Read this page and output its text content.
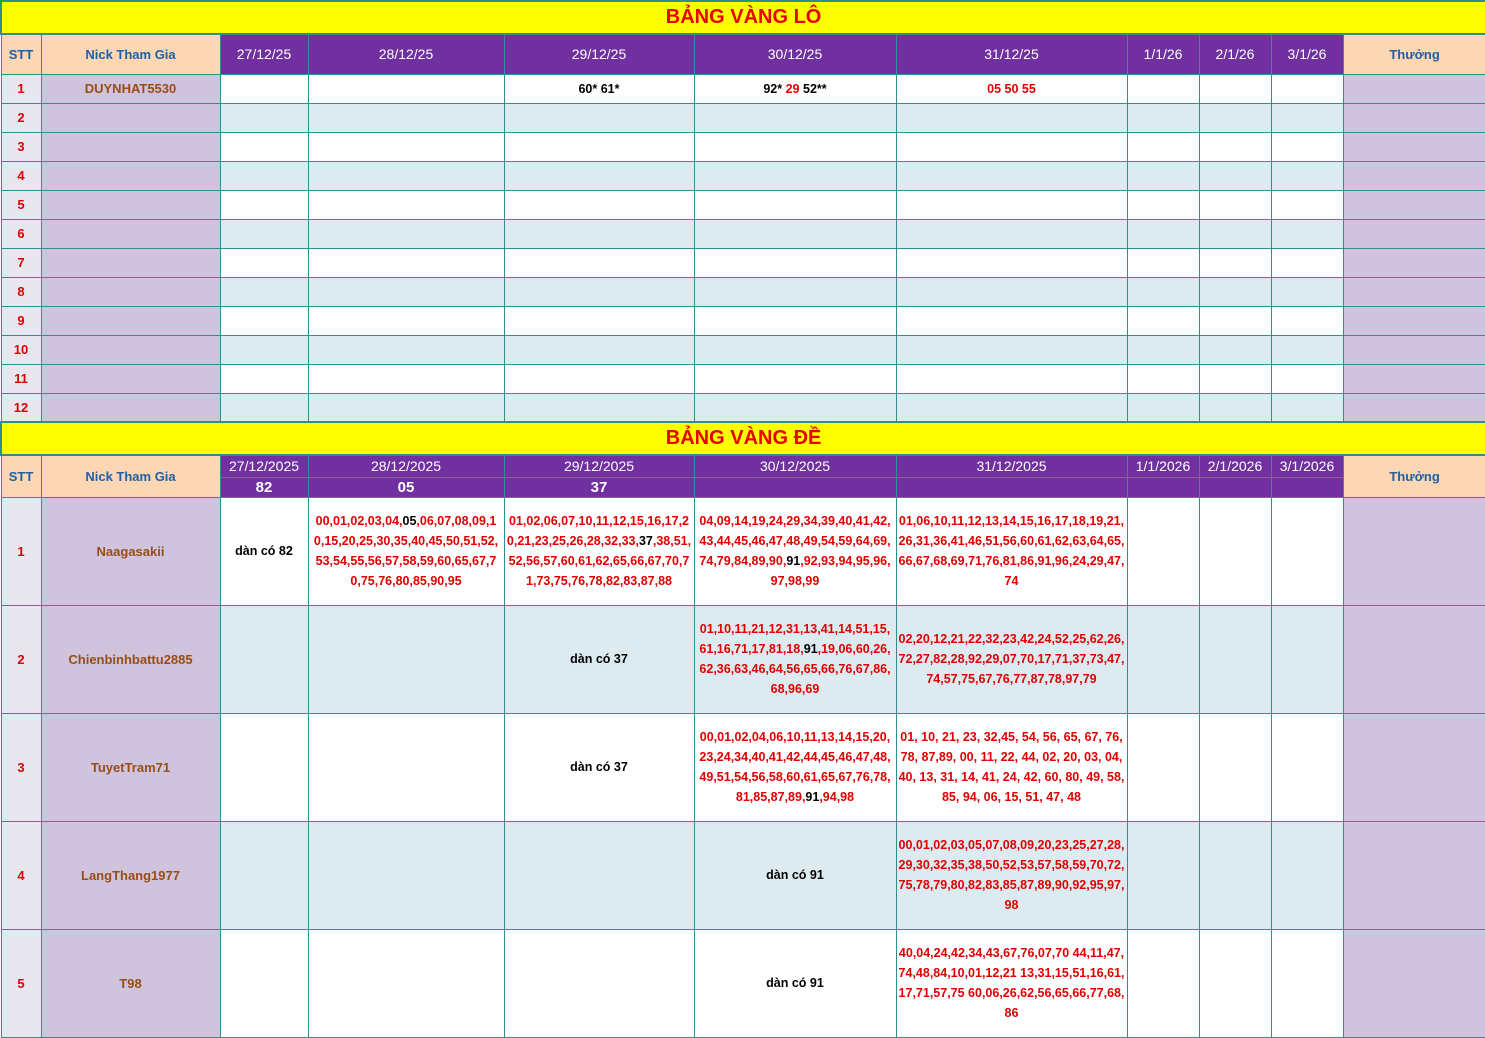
BẢNG VÀNG LÔ										
STT	Nick Tham Gia	27/12/25	28/12/25	29/12/25	30/12/25	31/12/25	1/1/26	2/1/26	3/1/26	Thưởng
1	DUYNHAT5530			60* 61*	92* 29 52**	05 50 55				
2										
3										
4										
5										
6										
7										
8										
9										
10										
11										
12										
BẢNG VÀNG ĐỀ										
STT	Nick Tham Gia	27/12/2025	28/12/2025	29/12/2025	30/12/2025	31/12/2025	1/1/2026	2/1/2026	3/1/2026	Thưởng
		82	05	37						
1	Naagasakii	dàn có 82	00,01,02,03,04,05,06,07,08,09,10,15,20,25,30,35,40,45,50,51,52,53,54,55,56,57,58,59,60,65,67,70,75,76,80,85,90,95	01,02,06,07,10,11,12,15,16,17,20,21,23,25,26,28,32,33,37,38,51,52,56,57,60,61,62,65,66,67,70,71,73,75,76,78,82,83,87,88	04,09,14,19,24,29,34,39,40,41,42,43,44,45,46,47,48,49,54,59,64,69,74,79,84,89,90,91,92,93,94,95,96,97,98,99	01,06,10,11,12,13,14,15,16,17,18,19,21,26,31,36,41,46,51,56,60,61,62,63,64,65,66,67,68,69,71,76,81,86,91,96,24,29,47,74				
2	Chienbinhbattu2885			dàn có 37	01,10,11,21,12,31,13,41,14,51,15,61,16,71,17,81,18,91,19,06,60,26,62,36,63,46,64,56,65,66,76,67,86,68,96,69	02,20,12,21,22,32,23,42,24,52,25,62,26,72,27,82,28,92,29,07,70,17,71,37,73,47,74,57,75,67,76,77,87,78,97,79				
3	TuyetTram71			dàn có 37	00,01,02,04,06,10,11,13,14,15,20,23,24,34,40,41,42,44,45,46,47,48,49,51,54,56,58,60,61,65,67,76,78,81,85,87,89,91,94,98	01, 10, 21, 23, 32,45, 54, 56, 65, 67, 76, 78, 87,89, 00, 11, 22, 44, 02, 20, 03, 04, 40, 13, 31, 14, 41, 24, 42, 60, 80, 49, 58, 85, 94, 06, 15, 51, 47, 48				
4	LangThang1977				dàn có 91	00,01,02,03,05,07,08,09,20,23,25,27,28,29,30,32,35,38,50,52,53,57,58,59,70,72,75,78,79,80,82,83,85,87,89,90,92,95,97,98				
5	T98				dàn có 91	40,04,24,42,34,43,67,76,07,70 44,11,47,74,48,84,10,01,12,21 13,31,15,51,16,61,17,71,57,75 60,06,26,62,56,65,66,77,68,86				
